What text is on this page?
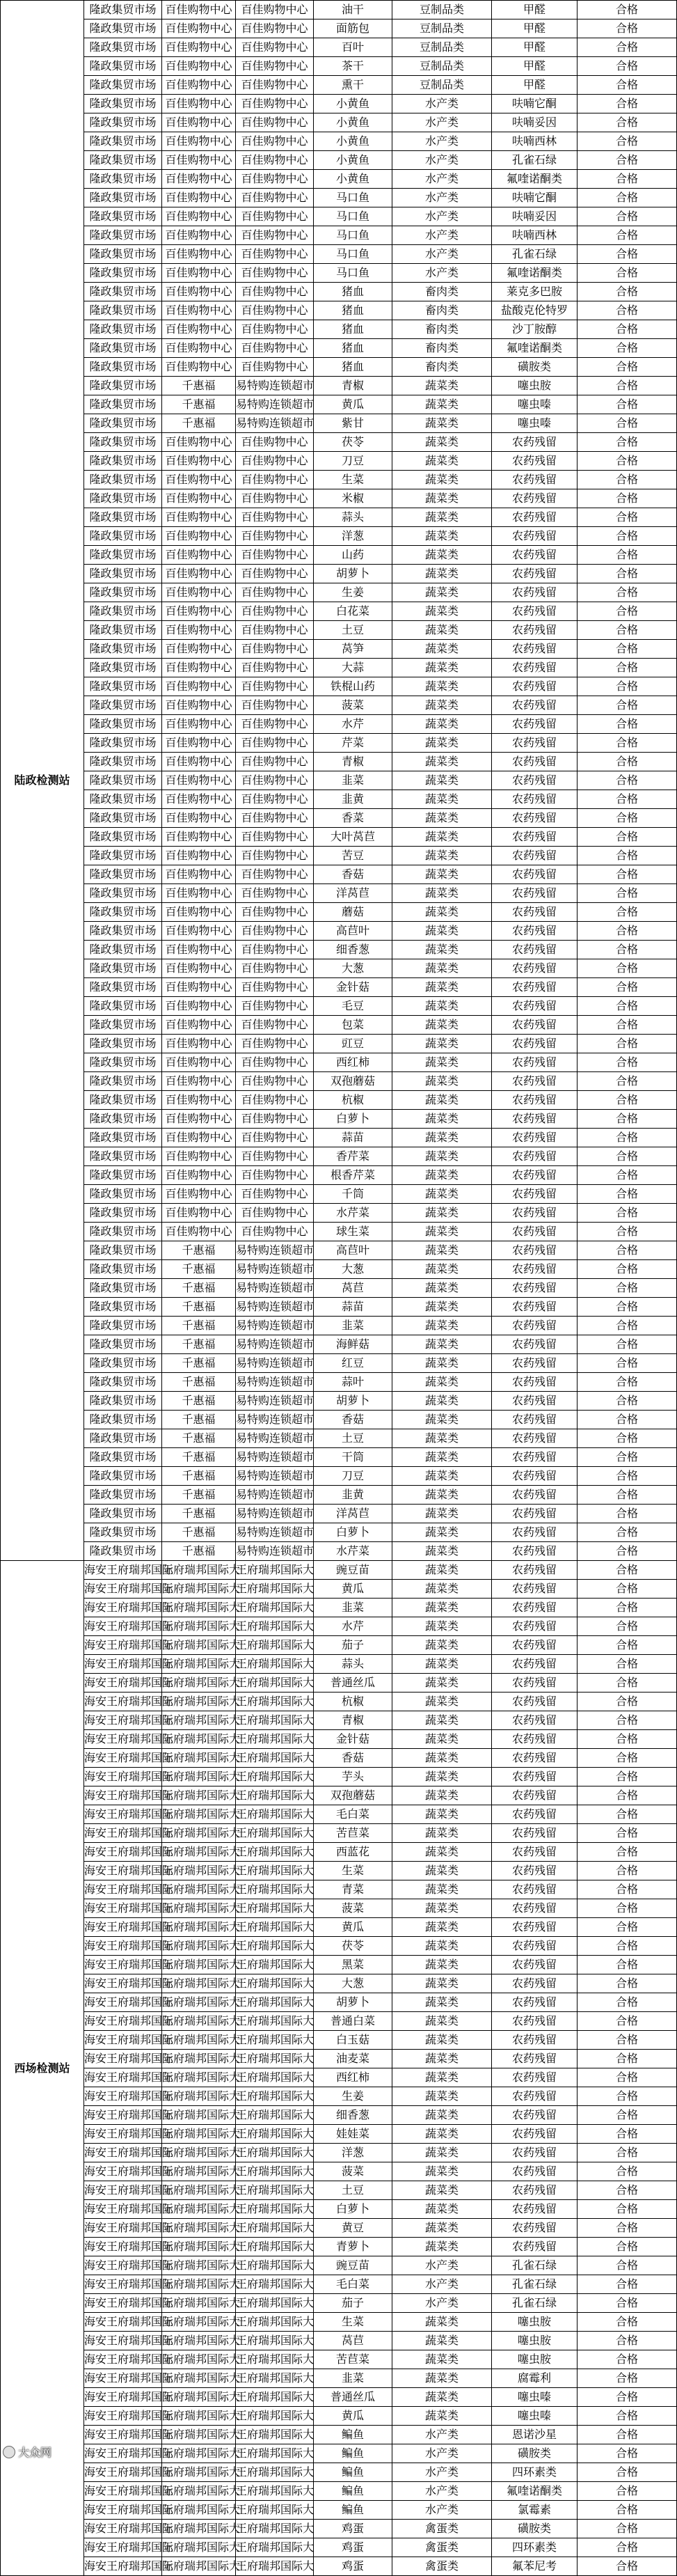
陆政检测站	隆政集贸市场	百佳购物中心	百佳购物中心	油干	豆制品类	甲醛	合格
	隆政集贸市场	百佳购物中心	百佳购物中心	面筋包	豆制品类	甲醛	合格
	隆政集贸市场	百佳购物中心	百佳购物中心	百叶	豆制品类	甲醛	合格
	隆政集贸市场	百佳购物中心	百佳购物中心	茶干	豆制品类	甲醛	合格
	隆政集贸市场	百佳购物中心	百佳购物中心	熏干	豆制品类	甲醛	合格
	隆政集贸市场	百佳购物中心	百佳购物中心	小黄鱼	水产类	呋喃它酮	合格
	隆政集贸市场	百佳购物中心	百佳购物中心	小黄鱼	水产类	呋喃妥因	合格
	隆政集贸市场	百佳购物中心	百佳购物中心	小黄鱼	水产类	呋喃西林	合格
	隆政集贸市场	百佳购物中心	百佳购物中心	小黄鱼	水产类	孔雀石绿	合格
	隆政集贸市场	百佳购物中心	百佳购物中心	小黄鱼	水产类	氟喹诺酮类	合格
	隆政集贸市场	百佳购物中心	百佳购物中心	马口鱼	水产类	呋喃它酮	合格
	隆政集贸市场	百佳购物中心	百佳购物中心	马口鱼	水产类	呋喃妥因	合格
	隆政集贸市场	百佳购物中心	百佳购物中心	马口鱼	水产类	呋喃西林	合格
	隆政集贸市场	百佳购物中心	百佳购物中心	马口鱼	水产类	孔雀石绿	合格
	隆政集贸市场	百佳购物中心	百佳购物中心	马口鱼	水产类	氟喹诺酮类	合格
	隆政集贸市场	百佳购物中心	百佳购物中心	猪血	畜肉类	莱克多巴胺	合格
	隆政集贸市场	百佳购物中心	百佳购物中心	猪血	畜肉类	盐酸克伦特罗	合格
	隆政集贸市场	百佳购物中心	百佳购物中心	猪血	畜肉类	沙丁胺醇	合格
	隆政集贸市场	百佳购物中心	百佳购物中心	猪血	畜肉类	氟喹诺酮类	合格
	隆政集贸市场	百佳购物中心	百佳购物中心	猪血	畜肉类	磺胺类	合格
	隆政集贸市场	千惠福	易特购连锁超市	青椒	蔬菜类	噻虫胺	合格
	隆政集贸市场	千惠福	易特购连锁超市	黄瓜	蔬菜类	噻虫嗪	合格
	隆政集贸市场	千惠福	易特购连锁超市	紫甘	蔬菜类	噻虫嗪	合格
	隆政集贸市场	百佳购物中心	百佳购物中心	茯苓	蔬菜类	农药残留	合格
	隆政集贸市场	百佳购物中心	百佳购物中心	刀豆	蔬菜类	农药残留	合格
	隆政集贸市场	百佳购物中心	百佳购物中心	生菜	蔬菜类	农药残留	合格
	隆政集贸市场	百佳购物中心	百佳购物中心	米椒	蔬菜类	农药残留	合格
	隆政集贸市场	百佳购物中心	百佳购物中心	蒜头	蔬菜类	农药残留	合格
	隆政集贸市场	百佳购物中心	百佳购物中心	洋葱	蔬菜类	农药残留	合格
	隆政集贸市场	百佳购物中心	百佳购物中心	山药	蔬菜类	农药残留	合格
	隆政集贸市场	百佳购物中心	百佳购物中心	胡萝卜	蔬菜类	农药残留	合格
	隆政集贸市场	百佳购物中心	百佳购物中心	生姜	蔬菜类	农药残留	合格
	隆政集贸市场	百佳购物中心	百佳购物中心	白花菜	蔬菜类	农药残留	合格
	隆政集贸市场	百佳购物中心	百佳购物中心	土豆	蔬菜类	农药残留	合格
	隆政集贸市场	百佳购物中心	百佳购物中心	莴笋	蔬菜类	农药残留	合格
	隆政集贸市场	百佳购物中心	百佳购物中心	大蒜	蔬菜类	农药残留	合格
	隆政集贸市场	百佳购物中心	百佳购物中心	铁棍山药	蔬菜类	农药残留	合格
	隆政集贸市场	百佳购物中心	百佳购物中心	菠菜	蔬菜类	农药残留	合格
	隆政集贸市场	百佳购物中心	百佳购物中心	水芹	蔬菜类	农药残留	合格
	隆政集贸市场	百佳购物中心	百佳购物中心	芹菜	蔬菜类	农药残留	合格
	隆政集贸市场	百佳购物中心	百佳购物中心	青椒	蔬菜类	农药残留	合格
	隆政集贸市场	百佳购物中心	百佳购物中心	韭菜	蔬菜类	农药残留	合格
	隆政集贸市场	百佳购物中心	百佳购物中心	韭黄	蔬菜类	农药残留	合格
	隆政集贸市场	百佳购物中心	百佳购物中心	香菜	蔬菜类	农药残留	合格
	隆政集贸市场	百佳购物中心	百佳购物中心	大叶莴苣	蔬菜类	农药残留	合格
	隆政集贸市场	百佳购物中心	百佳购物中心	苦豆	蔬菜类	农药残留	合格
	隆政集贸市场	百佳购物中心	百佳购物中心	香菇	蔬菜类	农药残留	合格
	隆政集贸市场	百佳购物中心	百佳购物中心	洋莴苣	蔬菜类	农药残留	合格
	隆政集贸市场	百佳购物中心	百佳购物中心	蘑菇	蔬菜类	农药残留	合格
	隆政集贸市场	百佳购物中心	百佳购物中心	高苣叶	蔬菜类	农药残留	合格
	隆政集贸市场	百佳购物中心	百佳购物中心	细香葱	蔬菜类	农药残留	合格
	隆政集贸市场	百佳购物中心	百佳购物中心	大葱	蔬菜类	农药残留	合格
	隆政集贸市场	百佳购物中心	百佳购物中心	金针菇	蔬菜类	农药残留	合格
	隆政集贸市场	百佳购物中心	百佳购物中心	毛豆	蔬菜类	农药残留	合格
	隆政集贸市场	百佳购物中心	百佳购物中心	包菜	蔬菜类	农药残留	合格
	隆政集贸市场	百佳购物中心	百佳购物中心	豇豆	蔬菜类	农药残留	合格
	隆政集贸市场	百佳购物中心	百佳购物中心	西红柿	蔬菜类	农药残留	合格
	隆政集贸市场	百佳购物中心	百佳购物中心	双孢蘑菇	蔬菜类	农药残留	合格
	隆政集贸市场	百佳购物中心	百佳购物中心	杭椒	蔬菜类	农药残留	合格
	隆政集贸市场	百佳购物中心	百佳购物中心	白萝卜	蔬菜类	农药残留	合格
	隆政集贸市场	百佳购物中心	百佳购物中心	蒜苗	蔬菜类	农药残留	合格
	隆政集贸市场	百佳购物中心	百佳购物中心	香芹菜	蔬菜类	农药残留	合格
	隆政集贸市场	百佳购物中心	百佳购物中心	根香芹菜	蔬菜类	农药残留	合格
	隆政集贸市场	百佳购物中心	百佳购物中心	千筒	蔬菜类	农药残留	合格
	隆政集贸市场	百佳购物中心	百佳购物中心	水芹菜	蔬菜类	农药残留	合格
	隆政集贸市场	百佳购物中心	百佳购物中心	球生菜	蔬菜类	农药残留	合格
	隆政集贸市场	千惠福	易特购连锁超市	高苣叶	蔬菜类	农药残留	合格
	隆政集贸市场	千惠福	易特购连锁超市	大葱	蔬菜类	农药残留	合格
	隆政集贸市场	千惠福	易特购连锁超市	莴苣	蔬菜类	农药残留	合格
	隆政集贸市场	千惠福	易特购连锁超市	蒜苗	蔬菜类	农药残留	合格
	隆政集贸市场	千惠福	易特购连锁超市	韭菜	蔬菜类	农药残留	合格
	隆政集贸市场	千惠福	易特购连锁超市	海鲜菇	蔬菜类	农药残留	合格
	隆政集贸市场	千惠福	易特购连锁超市	红豆	蔬菜类	农药残留	合格
	隆政集贸市场	千惠福	易特购连锁超市	蒜叶	蔬菜类	农药残留	合格
	隆政集贸市场	千惠福	易特购连锁超市	胡萝卜	蔬菜类	农药残留	合格
	隆政集贸市场	千惠福	易特购连锁超市	香菇	蔬菜类	农药残留	合格
	隆政集贸市场	千惠福	易特购连锁超市	土豆	蔬菜类	农药残留	合格
	隆政集贸市场	千惠福	易特购连锁超市	干筒	蔬菜类	农药残留	合格
	隆政集贸市场	千惠福	易特购连锁超市	刀豆	蔬菜类	农药残留	合格
	隆政集贸市场	千惠福	易特购连锁超市	韭黄	蔬菜类	农药残留	合格
	隆政集贸市场	千惠福	易特购连锁超市	洋莴苣	蔬菜类	农药残留	合格
	隆政集贸市场	千惠福	易特购连锁超市	白萝卜	蔬菜类	农药残留	合格
	隆政集贸市场	千惠福	易特购连锁超市	水芹菜	蔬菜类	农药残留	合格
西场检测站	海安王府瑞邦国际	王府瑞邦国际大	王府瑞邦国际大	豌豆苗	蔬菜类	农药残留	合格
	海安王府瑞邦国际	王府瑞邦国际大	王府瑞邦国际大	黄瓜	蔬菜类	农药残留	合格
	海安王府瑞邦国际	王府瑞邦国际大	王府瑞邦国际大	韭菜	蔬菜类	农药残留	合格
	海安王府瑞邦国际	王府瑞邦国际大	王府瑞邦国际大	水芹	蔬菜类	农药残留	合格
	海安王府瑞邦国际	王府瑞邦国际大	王府瑞邦国际大	茄子	蔬菜类	农药残留	合格
	海安王府瑞邦国际	王府瑞邦国际大	王府瑞邦国际大	蒜头	蔬菜类	农药残留	合格
	海安王府瑞邦国际	王府瑞邦国际大	王府瑞邦国际大	普通丝瓜	蔬菜类	农药残留	合格
	海安王府瑞邦国际	王府瑞邦国际大	王府瑞邦国际大	杭椒	蔬菜类	农药残留	合格
	海安王府瑞邦国际	王府瑞邦国际大	王府瑞邦国际大	青椒	蔬菜类	农药残留	合格
	海安王府瑞邦国际	王府瑞邦国际大	王府瑞邦国际大	金针菇	蔬菜类	农药残留	合格
	海安王府瑞邦国际	王府瑞邦国际大	王府瑞邦国际大	香菇	蔬菜类	农药残留	合格
	海安王府瑞邦国际	王府瑞邦国际大	王府瑞邦国际大	芋头	蔬菜类	农药残留	合格
	海安王府瑞邦国际	王府瑞邦国际大	王府瑞邦国际大	双孢蘑菇	蔬菜类	农药残留	合格
	海安王府瑞邦国际	王府瑞邦国际大	王府瑞邦国际大	毛白菜	蔬菜类	农药残留	合格
	海安王府瑞邦国际	王府瑞邦国际大	王府瑞邦国际大	苦苣菜	蔬菜类	农药残留	合格
	海安王府瑞邦国际	王府瑞邦国际大	王府瑞邦国际大	西蓝花	蔬菜类	农药残留	合格
	海安王府瑞邦国际	王府瑞邦国际大	王府瑞邦国际大	生菜	蔬菜类	农药残留	合格
	海安王府瑞邦国际	王府瑞邦国际大	王府瑞邦国际大	青菜	蔬菜类	农药残留	合格
	海安王府瑞邦国际	王府瑞邦国际大	王府瑞邦国际大	菠菜	蔬菜类	农药残留	合格
	海安王府瑞邦国际	王府瑞邦国际大	王府瑞邦国际大	黄瓜	蔬菜类	农药残留	合格
	海安王府瑞邦国际	王府瑞邦国际大	王府瑞邦国际大	茯苓	蔬菜类	农药残留	合格
	海安王府瑞邦国际	王府瑞邦国际大	王府瑞邦国际大	黑菜	蔬菜类	农药残留	合格
	海安王府瑞邦国际	王府瑞邦国际大	王府瑞邦国际大	大葱	蔬菜类	农药残留	合格
	海安王府瑞邦国际	王府瑞邦国际大	王府瑞邦国际大	胡萝卜	蔬菜类	农药残留	合格
	海安王府瑞邦国际	王府瑞邦国际大	王府瑞邦国际大	普通白菜	蔬菜类	农药残留	合格
	海安王府瑞邦国际	王府瑞邦国际大	王府瑞邦国际大	白玉菇	蔬菜类	农药残留	合格
	海安王府瑞邦国际	王府瑞邦国际大	王府瑞邦国际大	油麦菜	蔬菜类	农药残留	合格
	海安王府瑞邦国际	王府瑞邦国际大	王府瑞邦国际大	西红柿	蔬菜类	农药残留	合格
	海安王府瑞邦国际	王府瑞邦国际大	王府瑞邦国际大	生姜	蔬菜类	农药残留	合格
	海安王府瑞邦国际	王府瑞邦国际大	王府瑞邦国际大	细香葱	蔬菜类	农药残留	合格
	海安王府瑞邦国际	王府瑞邦国际大	王府瑞邦国际大	娃娃菜	蔬菜类	农药残留	合格
	海安王府瑞邦国际	王府瑞邦国际大	王府瑞邦国际大	洋葱	蔬菜类	农药残留	合格
	海安王府瑞邦国际	王府瑞邦国际大	王府瑞邦国际大	菠菜	蔬菜类	农药残留	合格
	海安王府瑞邦国际	王府瑞邦国际大	王府瑞邦国际大	土豆	蔬菜类	农药残留	合格
	海安王府瑞邦国际	王府瑞邦国际大	王府瑞邦国际大	白萝卜	蔬菜类	农药残留	合格
	海安王府瑞邦国际	王府瑞邦国际大	王府瑞邦国际大	黄豆	蔬菜类	农药残留	合格
	海安王府瑞邦国际	王府瑞邦国际大	王府瑞邦国际大	青萝卜	蔬菜类	农药残留	合格
	海安王府瑞邦国际	王府瑞邦国际大	王府瑞邦国际大	豌豆苗	水产类	孔雀石绿	合格
	海安王府瑞邦国际	王府瑞邦国际大	王府瑞邦国际大	毛白菜	水产类	孔雀石绿	合格
	海安王府瑞邦国际	王府瑞邦国际大	王府瑞邦国际大	茄子	水产类	孔雀石绿	合格
	海安王府瑞邦国际	王府瑞邦国际大	王府瑞邦国际大	生菜	蔬菜类	噻虫胺	合格
	海安王府瑞邦国际	王府瑞邦国际大	王府瑞邦国际大	莴苣	蔬菜类	噻虫胺	合格
	海安王府瑞邦国际	王府瑞邦国际大	王府瑞邦国际大	苦苣菜	蔬菜类	噻虫胺	合格
	海安王府瑞邦国际	王府瑞邦国际大	王府瑞邦国际大	韭菜	蔬菜类	腐霉利	合格
	海安王府瑞邦国际	王府瑞邦国际大	王府瑞邦国际大	普通丝瓜	蔬菜类	噻虫嗪	合格
	海安王府瑞邦国际	王府瑞邦国际大	王府瑞邦国际大	黄瓜	蔬菜类	噻虫嗪	合格
	海安王府瑞邦国际	王府瑞邦国际大	王府瑞邦国际大	鳊鱼	水产类	恩诺沙星	合格
	海安王府瑞邦国际	王府瑞邦国际大	王府瑞邦国际大	鳊鱼	水产类	磺胺类	合格
	海安王府瑞邦国际	王府瑞邦国际大	王府瑞邦国际大	鳊鱼	水产类	四环素类	合格
	海安王府瑞邦国际	王府瑞邦国际大	王府瑞邦国际大	鳊鱼	水产类	氟喹诺酮类	合格
	海安王府瑞邦国际	王府瑞邦国际大	王府瑞邦国际大	鳊鱼	水产类	氯霉素	合格
	海安王府瑞邦国际	王府瑞邦国际大	王府瑞邦国际大	鸡蛋	禽蛋类	磺胺类	合格
	海安王府瑞邦国际	王府瑞邦国际大	王府瑞邦国际大	鸡蛋	禽蛋类	四环素类	合格
	海安王府瑞邦国际	王府瑞邦国际大	王府瑞邦国际大	鸡蛋	禽蛋类	氟苯尼考	合格
大众网
